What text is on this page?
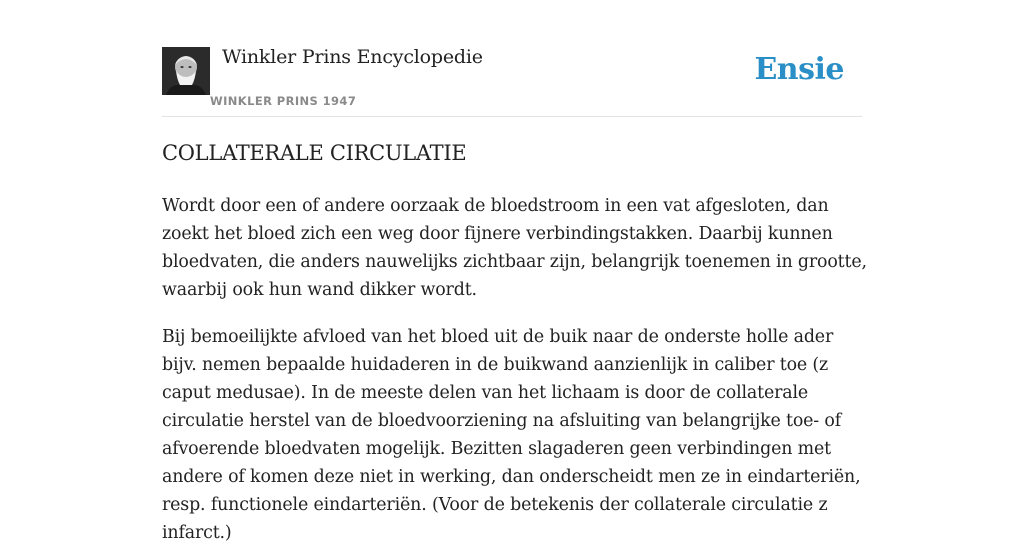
Winkler Prins Encyclopedie
WINKLER PRINS 1947
Ensie
COLLATERALE CIRCULATIE

Wordt door een of andere oorzaak de bloedstroom in een vat afgesloten, dan zoekt het bloed zich een weg door fijnere verbindingstakken. Daarbij kunnen bloedvaten, die anders nauwelijks zichtbaar zijn, belangrijk toenemen in grootte, waarbij ook hun wand dikker wordt.

Bij bemoeilijkte afvloed van het bloed uit de buik naar de onderste holle ader bijv. nemen bepaalde huidaderen in de buikwand aanzienlijk in caliber toe (z caput medusae). In de meeste delen van het lichaam is door de collaterale circulatie herstel van de bloedvoorziening na afsluiting van belangrijke toe- of afvoerende bloedvaten mogelijk. Bezitten slagaderen geen verbindingen met andere of komen deze niet in werking, dan onderscheidt men ze in eindarteriën, resp. functionele eindarteriën. (Voor de betekenis der collaterale circulatie z infarct.)
